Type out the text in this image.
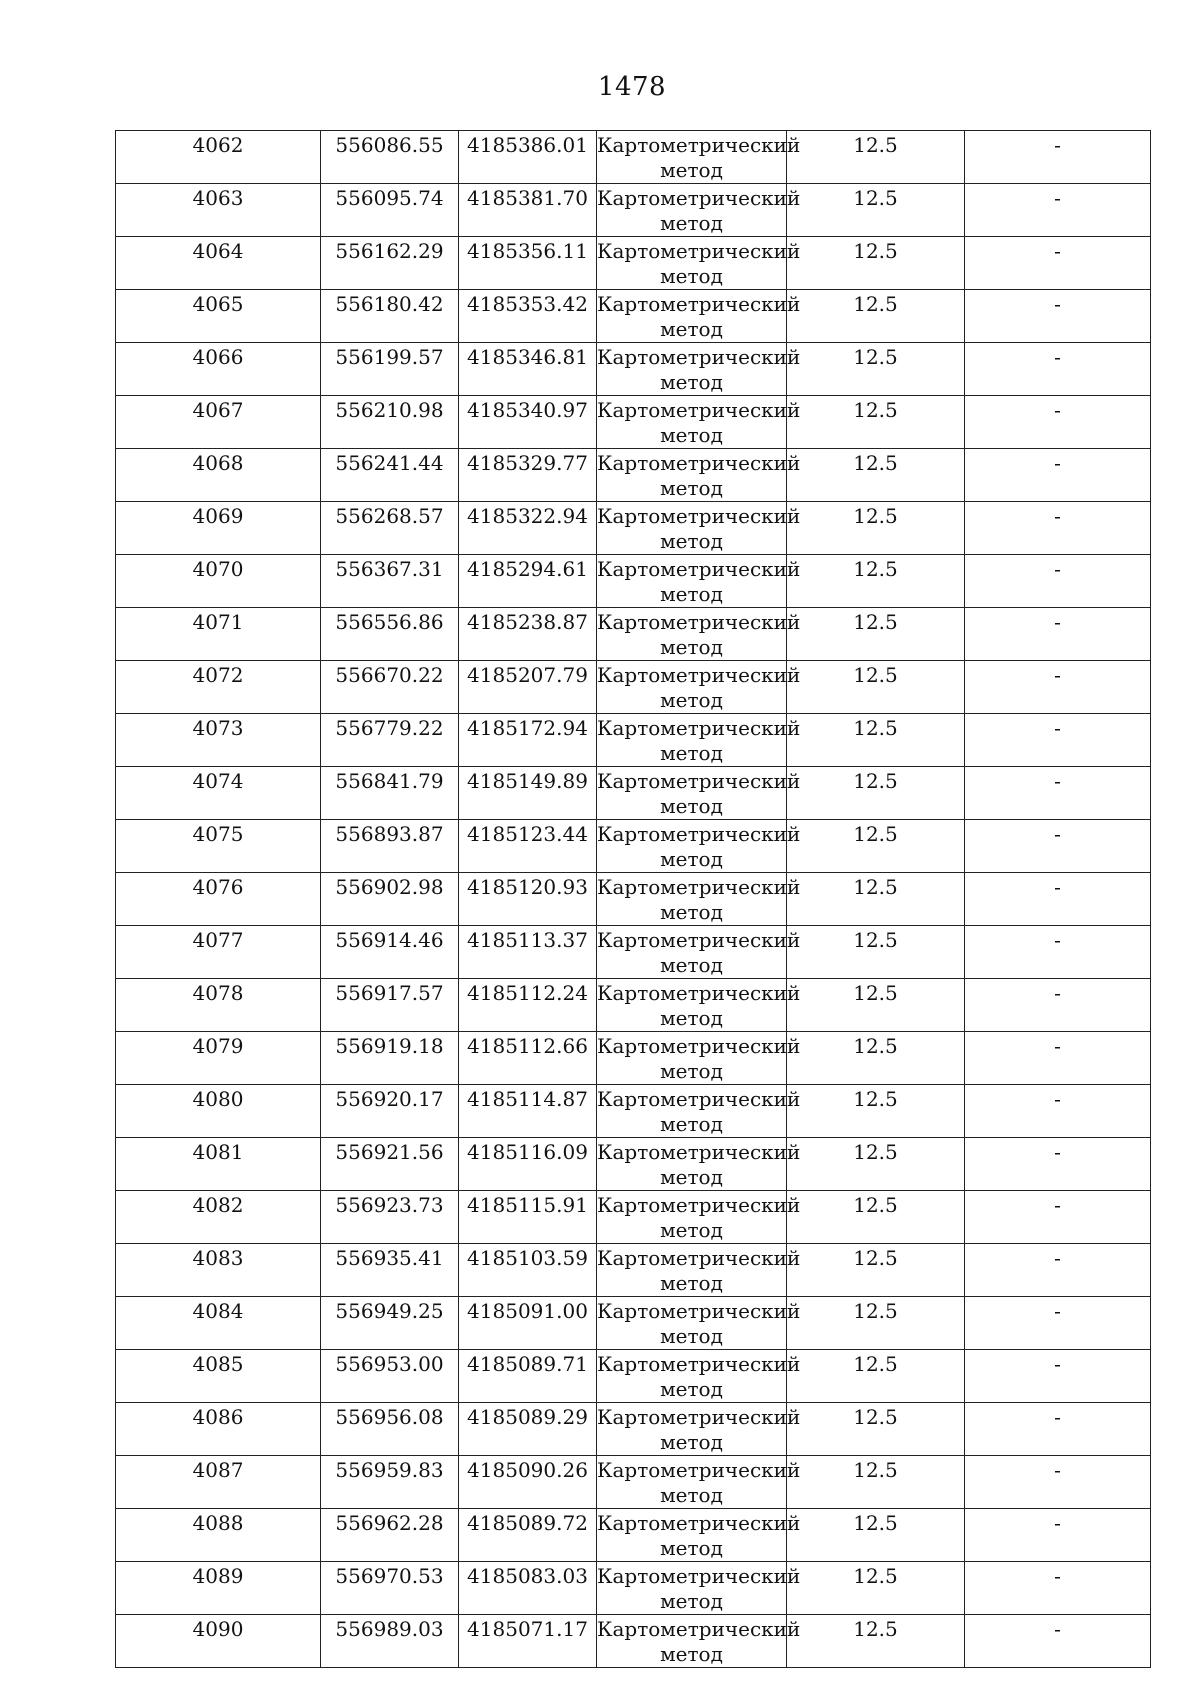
1478
4062	556086.55	4185386.01	Картометрический
метод	12.5	-

4063	556095.74	4185381.70	Картометрический
метод	12.5	-

4064	556162.29	4185356.11	Картометрический
метод	12.5	-

4065	556180.42	4185353.42	Картометрический
метод	12.5	-

4066	556199.57	4185346.81	Картометрический
метод	12.5	-

4067	556210.98	4185340.97	Картометрический
метод	12.5	-

4068	556241.44	4185329.77	Картометрический
метод	12.5	-

4069	556268.57	4185322.94	Картометрический
метод	12.5	-

4070	556367.31	4185294.61	Картометрический
метод	12.5	-

4071	556556.86	4185238.87	Картометрический
метод	12.5	-

4072	556670.22	4185207.79	Картометрический
метод	12.5	-

4073	556779.22	4185172.94	Картометрический
метод	12.5	-

4074	556841.79	4185149.89	Картометрический
метод	12.5	-

4075	556893.87	4185123.44	Картометрический
метод	12.5	-

4076	556902.98	4185120.93	Картометрический
метод	12.5	-

4077	556914.46	4185113.37	Картометрический
метод	12.5	-

4078	556917.57	4185112.24	Картометрический
метод	12.5	-

4079	556919.18	4185112.66	Картометрический
метод	12.5	-

4080	556920.17	4185114.87	Картометрический
метод	12.5	-

4081	556921.56	4185116.09	Картометрический
метод	12.5	-

4082	556923.73	4185115.91	Картометрический
метод	12.5	-

4083	556935.41	4185103.59	Картометрический
метод	12.5	-

4084	556949.25	4185091.00	Картометрический
метод	12.5	-

4085	556953.00	4185089.71	Картометрический
метод	12.5	-

4086	556956.08	4185089.29	Картометрический
метод	12.5	-

4087	556959.83	4185090.26	Картометрический
метод	12.5	-

4088	556962.28	4185089.72	Картометрический
метод	12.5	-

4089	556970.53	4185083.03	Картометрический
метод	12.5	-

4090	556989.03	4185071.17	Картометрический
метод	12.5	-
